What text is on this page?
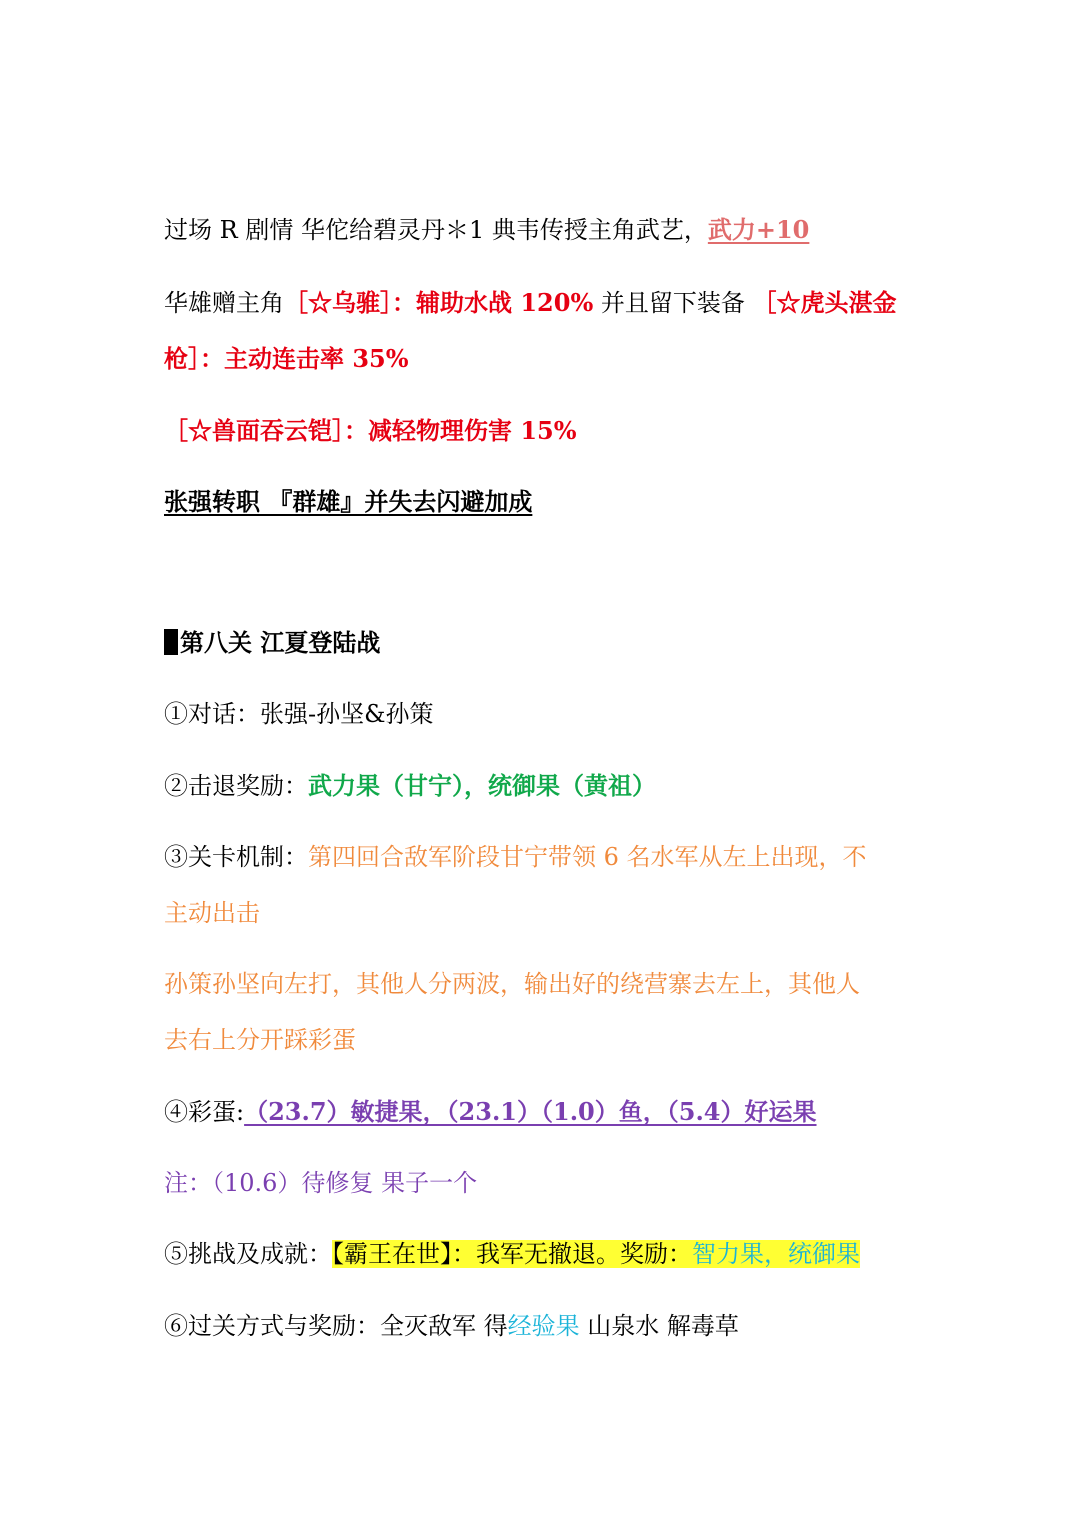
过场 R 剧情 华佗给碧灵丹＊1 典韦传授主角武艺，武力+10
华雄赠主角［☆乌骓］：辅助水战 120% 并且留下装备 ［☆虎头湛金
枪］：主动连击率 35%
［☆兽面吞云铠］：减轻物理伤害 15%
张强转职 『群雄』并失去闪避加成
第八关 江夏登陆战
①对话：张强-孙坚&孙策
②击退奖励：武力果（甘宁），统御果（黄祖）
③关卡机制：第四回合敌军阶段甘宁带领 6 名水军从左上出现，不
主动出击
孙策孙坚向左打，其他人分两波，输出好的绕营寨去左上，其他人
去右上分开踩彩蛋
④彩蛋:（23.7）敏捷果，（23.1）（1.0）鱼，（5.4）好运果
注：（10.6）待修复 果子一个
⑤挑战及成就：【霸王在世】：我军无撤退。奖励：智力果，统御果
⑥过关方式与奖励：全灭敌军 得经验果 山泉水 解毒草
